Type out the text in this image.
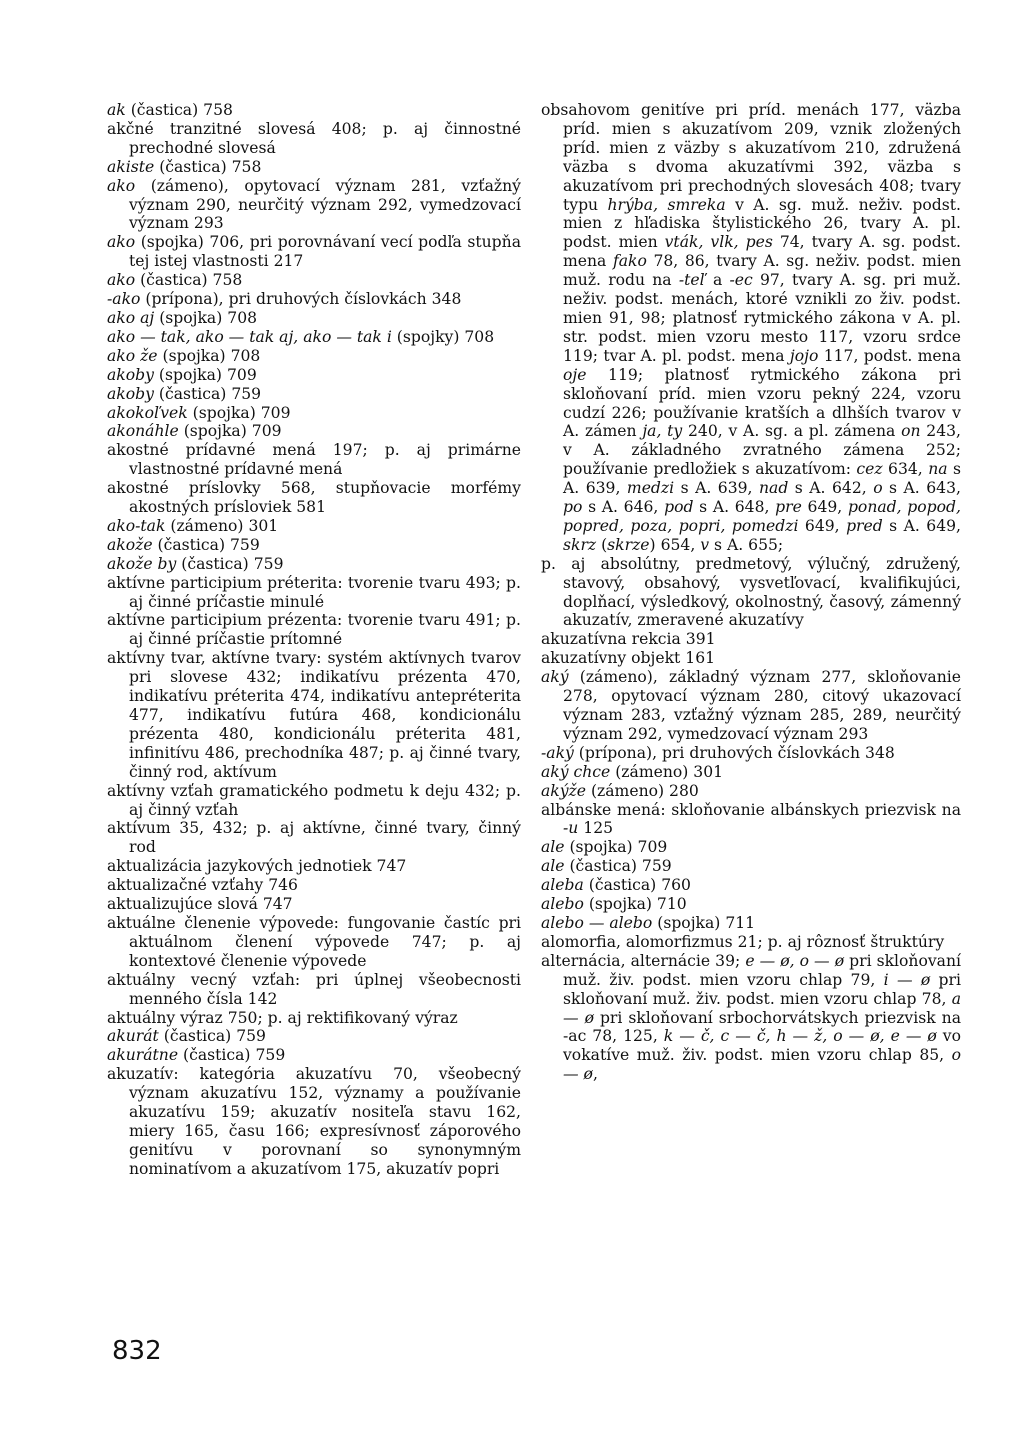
ak (častica) 758

akčné tranzitné slovesá 408; p. aj činnostné prechodné slovesá

akiste (častica) 758

ako (zámeno), opytovací význam 281, vzťažný význam 290, neurčitý význam 292, vymedzovací význam 293

ako (spojka) 706, pri porovnávaní vecí podľa stupňa tej istej vlastnosti 217

ako (častica) 758

-ako (prípona), pri druhových číslovkách 348

ako aj (spojka) 708

ako — tak, ako — tak aj, ako — tak i (spojky) 708

ako že (spojka) 708

akoby (spojka) 709

akoby (častica) 759

akokoľvek (spojka) 709

akonáhle (spojka) 709

akostné prídavné mená 197; p. aj primárne vlastnostné prídavné mená

akostné príslovky 568, stupňovacie morfémy akostných prísloviek 581

ako-tak (zámeno) 301

akože (častica) 759

akože by (častica) 759

aktívne participium préterita: tvorenie tvaru 493; p. aj činné príčastie minulé

aktívne participium prézenta: tvorenie tvaru 491; p. aj činné príčastie prítomné

aktívny tvar, aktívne tvary: systém aktívnych tvarov pri slovese 432; indikatívu prézenta 470, indikatívu préterita 474, indikatívu antepréterita 477, indikatívu futúra 468, kondicionálu prézenta 480, kondicionálu préterita 481, infinitívu 486, prechodníka 487; p. aj činné tvary, činný rod, aktívum

aktívny vzťah gramatického podmetu k deju 432; p. aj činný vzťah

aktívum 35, 432; p. aj aktívne, činné tvary, činný rod

aktualizácia jazykových jednotiek 747

aktualizačné vzťahy 746

aktualizujúce slová 747

aktuálne členenie výpovede: fungovanie častíc pri aktuálnom členení výpovede 747; p. aj kontextové členenie výpovede

aktuálny vecný vzťah: pri úplnej všeobecnosti menného čísla 142

aktuálny výraz 750; p. aj rektifikovaný výraz

akurát (častica) 759

akurátne (častica) 759

akuzatív: kategória akuzatívu 70, všeobecný význam akuzatívu 152, významy a používanie akuzatívu 159; akuzatív nositeľa stavu 162, miery 165, času 166; expresívnosť záporového genitívu v porovnaní so synonymným nominatívom a akuzatívom 175, akuzatív popri

obsahovom genitíve pri príd. menách 177, väzba príd. mien s akuzatívom 209, vznik zložených príd. mien z väzby s akuzatívom 210, združená väzba s dvoma akuzatívmi 392, väzba s akuzatívom pri prechodných slovesách 408; tvary typu hrýba, smreka v A. sg. muž. neživ. podst. mien z hľadiska štylistického 26, tvary A. pl. podst. mien vták, vlk, pes 74, tvary A. sg. podst. mena fako 78, 86, tvary A. sg. neživ. podst. mien muž. rodu na -teľ a -ec 97, tvary A. sg. pri muž. neživ. podst. menách, ktoré vznikli zo živ. podst. mien 91, 98; platnosť rytmického zákona v A. pl. str. podst. mien vzoru mesto 117, vzoru srdce 119; tvar A. pl. podst. mena jojo 117, podst. mena oje 119; platnosť rytmického zákona pri skloňovaní príd. mien vzoru pekný 224, vzoru cudzí 226; používanie kratších a dlhších tvarov v A. zámen ja, ty 240, v A. sg. a pl. zámena on 243, v A. základného zvratného zámena 252; používanie predložiek s akuzatívom: cez 634, na s A. 639, medzi s A. 639, nad s A. 642, o s A. 643, po s A. 646, pod s A. 648, pre 649, ponad, popod, popred, poza, popri, pomedzi 649, pred s A. 649, skrz (skrze) 654, v s A. 655;

p. aj absolútny, predmetový, výlučný, združený, stavový, obsahový, vysvetľovací, kvalifikujúci, doplňací, výsledkový, okolnostný, časový, zámenný akuzatív, zmeravené akuzatívy

akuzatívna rekcia 391

akuzatívny objekt 161

aký (zámeno), základný význam 277, skloňovanie 278, opytovací význam 280, citový ukazovací význam 283, vzťažný význam 285, 289, neurčitý význam 292, vymedzovací význam 293

-aký (prípona), pri druhových číslovkách 348

aký chce (zámeno) 301

akýže (zámeno) 280

albánske mená: skloňovanie albánskych priezvisk na -u 125

ale (spojka) 709

ale (častica) 759

aleba (častica) 760

alebo (spojka) 710

alebo — alebo (spojka) 711

alomorfia, alomorfizmus 21; p. aj rôznosť štruktúry

alternácia, alternácie 39; e — ø, o — ø pri skloňovaní muž. živ. podst. mien vzoru chlap 79, i — ø pri skloňovaní muž. živ. podst. mien vzoru chlap 78, a — ø pri skloňovaní srbochorvátskych priezvisk na -ac 78, 125, k — č, c — č, h — ž, o — ø, e — ø vo vokatíve muž. živ. podst. mien vzoru chlap 85, o — ø,

832
